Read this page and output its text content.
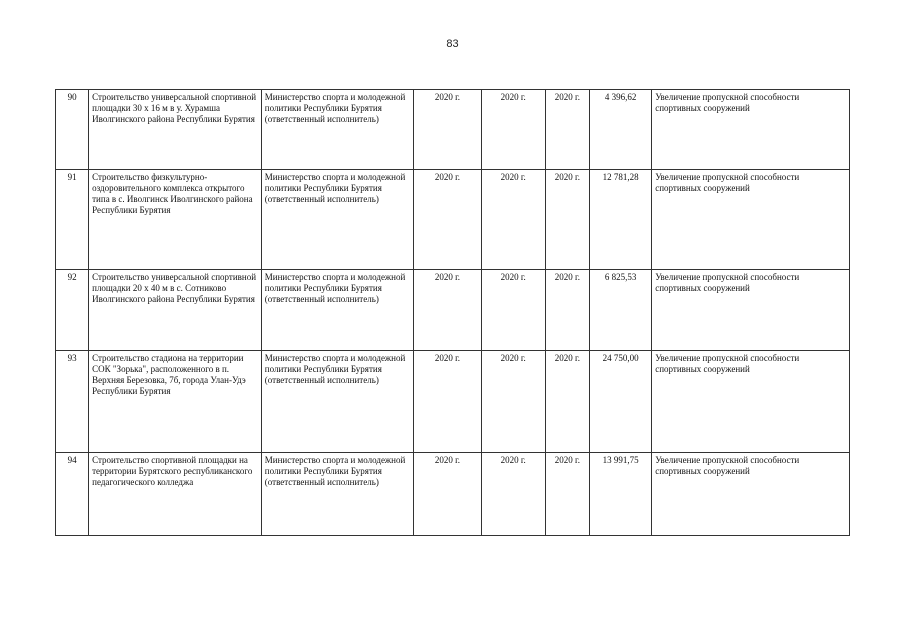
83
90	Строительство универсальной спортивной площадки 30 х 16 м в у. Хурамша Иволгинского района Республики Бурятия	Министерство спорта и молодежной политики Республики Бурятия (ответственный исполнитель)	2020 г.	2020 г.	2020 г.	4 396,62	Увеличение пропускной способности спортивных сооружений
91	Строительство физкультурно-оздоровительного комплекса открытого типа в с. Иволгинск Иволгинского района Республики Бурятия	Министерство спорта и молодежной политики Республики Бурятия (ответственный исполнитель)	2020 г.	2020 г.	2020 г.	12 781,28	Увеличение пропускной способности спортивных сооружений
92	Строительство универсальной спортивной площадки 20 х 40 м в с. Сотниково Иволгинского района Республики Бурятия	Министерство спорта и молодежной политики Республики Бурятия (ответственный исполнитель)	2020 г.	2020 г.	2020 г.	6 825,53	Увеличение пропускной способности спортивных сооружений
93	Строительство стадиона на территории СОК "Зорька", расположенного в п. Верхняя Березовка, 7б, города Улан-Удэ Республики Бурятия	Министерство спорта и молодежной политики Республики Бурятия (ответственный исполнитель)	2020 г.	2020 г.	2020 г.	24 750,00	Увеличение пропускной способности спортивных сооружений
94	Строительство спортивной площадки на территории Бурятского республиканского педагогического колледжа	Министерство спорта и молодежной политики Республики Бурятия (ответственный исполнитель)	2020 г.	2020 г.	2020 г.	13 991,75	Увеличение пропускной способности спортивных сооружений
